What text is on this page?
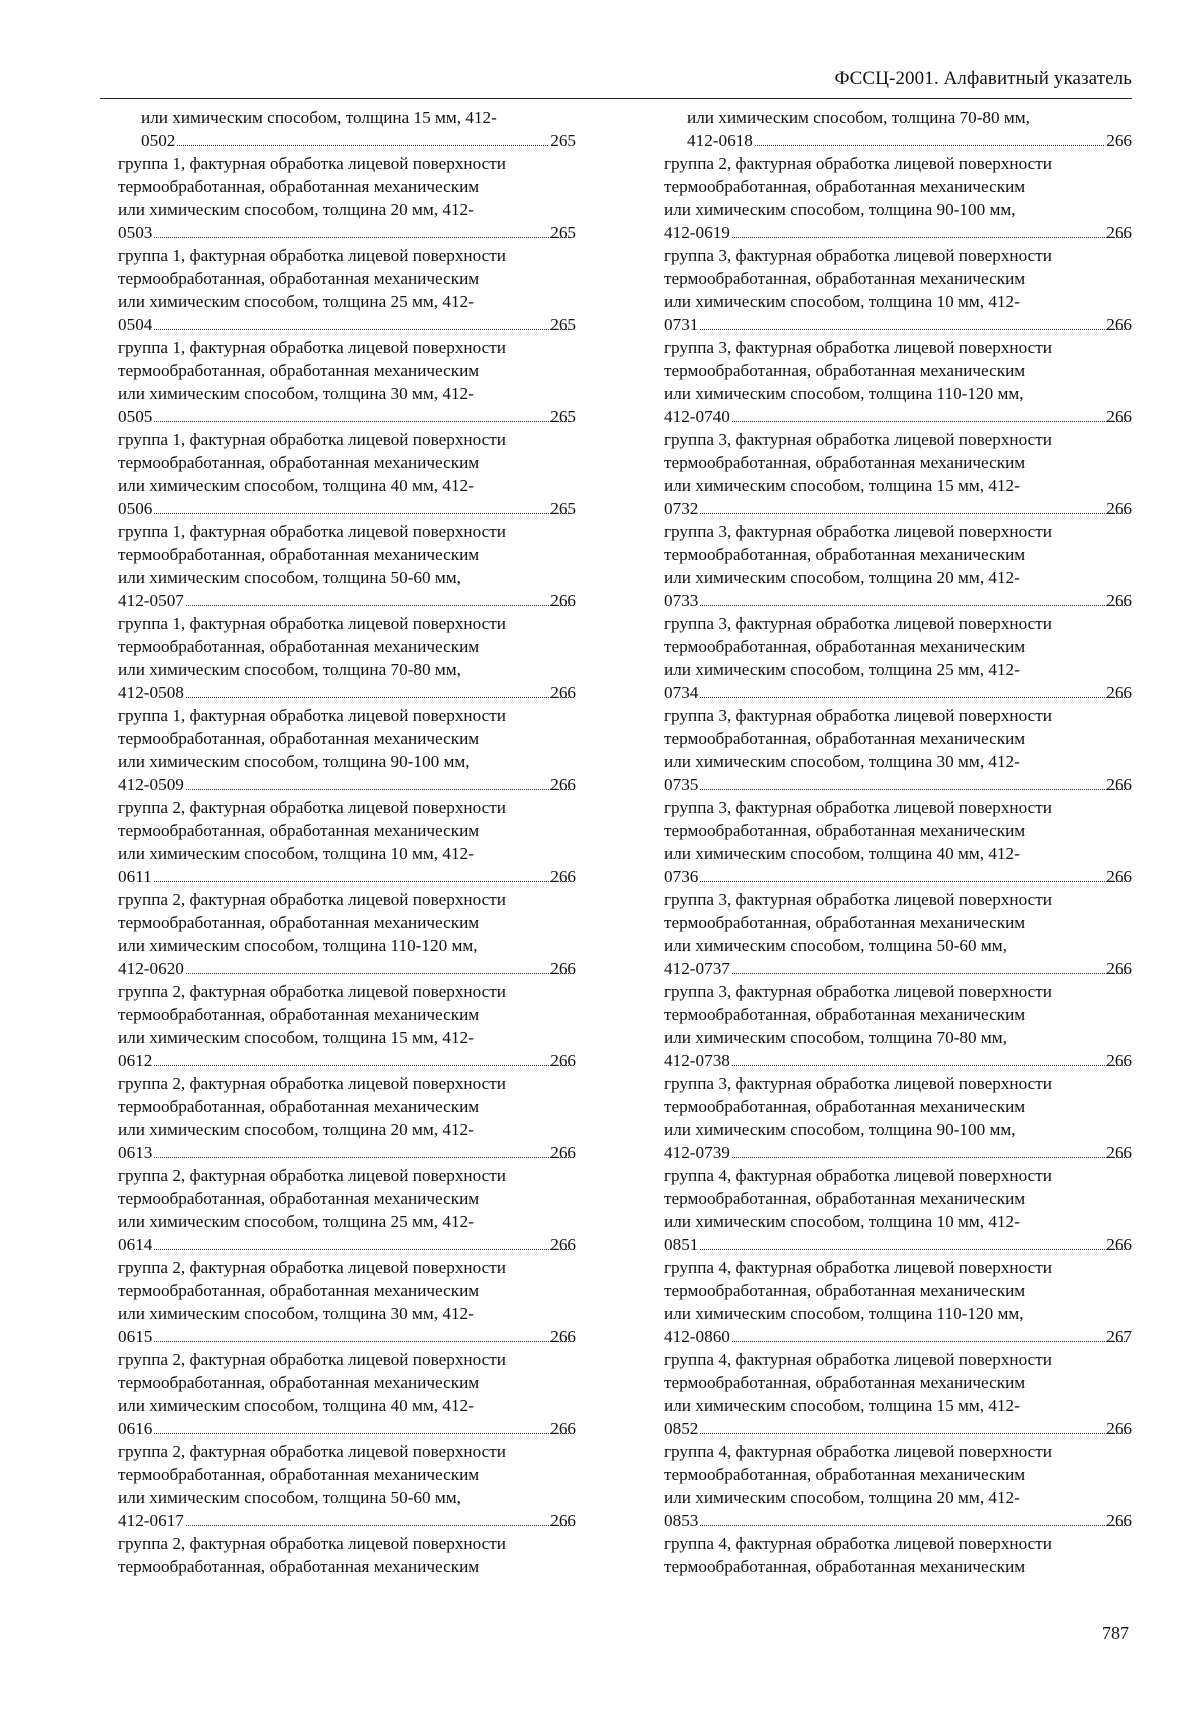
ФССЦ-2001. Алфавитный указатель

или химическим способом, толщина 15 мм, 412-
0502	265

группа 1, фактурная обработка лицевой поверхности
термообработанная, обработанная механическим
или химическим способом, толщина 20 мм, 412-
0503	265

группа 1, фактурная обработка лицевой поверхности
термообработанная, обработанная механическим
или химическим способом, толщина 25 мм, 412-
0504	265

группа 1, фактурная обработка лицевой поверхности
термообработанная, обработанная механическим
или химическим способом, толщина 30 мм, 412-
0505	265

группа 1, фактурная обработка лицевой поверхности
термообработанная, обработанная механическим
или химическим способом, толщина 40 мм, 412-
0506	265

группа 1, фактурная обработка лицевой поверхности
термообработанная, обработанная механическим
или химическим способом, толщина 50-60 мм,
412-0507	266

группа 1, фактурная обработка лицевой поверхности
термообработанная, обработанная механическим
или химическим способом, толщина 70-80 мм,
412-0508	266

группа 1, фактурная обработка лицевой поверхности
термообработанная, обработанная механическим
или химическим способом, толщина 90-100 мм,
412-0509	266

группа 2, фактурная обработка лицевой поверхности
термообработанная, обработанная механическим
или химическим способом, толщина 10 мм, 412-
0611	266

группа 2, фактурная обработка лицевой поверхности
термообработанная, обработанная механическим
или химическим способом, толщина 110-120 мм,
412-0620	266

группа 2, фактурная обработка лицевой поверхности
термообработанная, обработанная механическим
или химическим способом, толщина 15 мм, 412-
0612	266

группа 2, фактурная обработка лицевой поверхности
термообработанная, обработанная механическим
или химическим способом, толщина 20 мм, 412-
0613	266

группа 2, фактурная обработка лицевой поверхности
термообработанная, обработанная механическим
или химическим способом, толщина 25 мм, 412-
0614	266

группа 2, фактурная обработка лицевой поверхности
термообработанная, обработанная механическим
или химическим способом, толщина 30 мм, 412-
0615	266

группа 2, фактурная обработка лицевой поверхности
термообработанная, обработанная механическим
или химическим способом, толщина 40 мм, 412-
0616	266

группа 2, фактурная обработка лицевой поверхности
термообработанная, обработанная механическим
или химическим способом, толщина 50-60 мм,
412-0617	266

группа 2, фактурная обработка лицевой поверхности
термообработанная, обработанная механическим

или химическим способом, толщина 70-80 мм,
412-0618	266

группа 2, фактурная обработка лицевой поверхности
термообработанная, обработанная механическим
или химическим способом, толщина 90-100 мм,
412-0619	266

группа 3, фактурная обработка лицевой поверхности
термообработанная, обработанная механическим
или химическим способом, толщина 10 мм, 412-
0731	266

группа 3, фактурная обработка лицевой поверхности
термообработанная, обработанная механическим
или химическим способом, толщина 110-120 мм,
412-0740	266

группа 3, фактурная обработка лицевой поверхности
термообработанная, обработанная механическим
или химическим способом, толщина 15 мм, 412-
0732	266

группа 3, фактурная обработка лицевой поверхности
термообработанная, обработанная механическим
или химическим способом, толщина 20 мм, 412-
0733	266

группа 3, фактурная обработка лицевой поверхности
термообработанная, обработанная механическим
или химическим способом, толщина 25 мм, 412-
0734	266

группа 3, фактурная обработка лицевой поверхности
термообработанная, обработанная механическим
или химическим способом, толщина 30 мм, 412-
0735	266

группа 3, фактурная обработка лицевой поверхности
термообработанная, обработанная механическим
или химическим способом, толщина 40 мм, 412-
0736	266

группа 3, фактурная обработка лицевой поверхности
термообработанная, обработанная механическим
или химическим способом, толщина 50-60 мм,
412-0737	266

группа 3, фактурная обработка лицевой поверхности
термообработанная, обработанная механическим
или химическим способом, толщина 70-80 мм,
412-0738	266

группа 3, фактурная обработка лицевой поверхности
термообработанная, обработанная механическим
или химическим способом, толщина 90-100 мм,
412-0739	266

группа 4, фактурная обработка лицевой поверхности
термообработанная, обработанная механическим
или химическим способом, толщина 10 мм, 412-
0851	266

группа 4, фактурная обработка лицевой поверхности
термообработанная, обработанная механическим
или химическим способом, толщина 110-120 мм,
412-0860	267

группа 4, фактурная обработка лицевой поверхности
термообработанная, обработанная механическим
или химическим способом, толщина 15 мм, 412-
0852	266

группа 4, фактурная обработка лицевой поверхности
термообработанная, обработанная механическим
или химическим способом, толщина 20 мм, 412-
0853	266

группа 4, фактурная обработка лицевой поверхности
термообработанная, обработанная механическим

787
